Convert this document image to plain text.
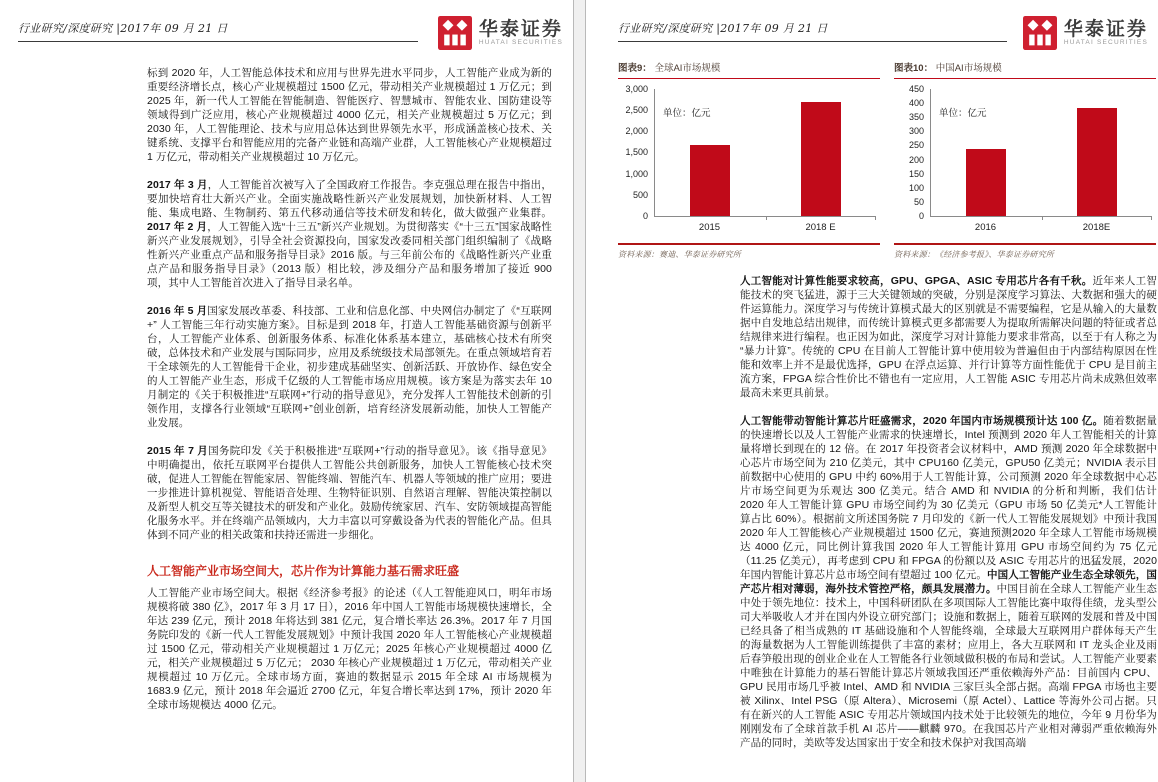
行业研究/深度研究 |2017年 09 月 21 日	华泰证券
HUATAI SECURITIES

标到 2020 年，人工智能总体技术和应用与世界先进水平同步，人工智能产业成为新的重要经济增长点，核心产业规模超过 1500 亿元，带动相关产业规模超过 1 万亿元；到 2025 年，新一代人工智能在智能制造、智能医疗、智慧城市、智能农业、国防建设等领域得到广泛应用，核心产业规模超过 4000 亿元，相关产业规模超过 5 万亿元；到 2030 年，人工智能理论、技术与应用总体达到世界领先水平，形成涵盖核心技术、关键系统、支撑平台和智能应用的完备产业链和高端产业群，人工智能核心产业规模超过 1 万亿元，带动相关产业规模超过 10 万亿元。

2017 年 3 月，人工智能首次被写入了全国政府工作报告。李克强总理在报告中指出，要加快培育壮大新兴产业。全面实施战略性新兴产业发展规划，加快新材料、人工智能、集成电路、生物制药、第五代移动通信等技术研发和转化，做大做强产业集群。2017 年 2 月，人工智能入选“十三五”新兴产业规划。为贯彻落实《“十三五”国家战略性新兴产业发展规划》，引导全社会资源投向，国家发改委同相关部门组织编制了《战略性新兴产业重点产品和服务指导目录》2016 版。与三年前公布的《战略性新兴产业重点产品和服务指导目录》（2013 版）相比较，涉及细分产品和服务增加了接近 900 项，其中人工智能首次进入了指导目录名单。

2016 年 5 月国家发展改革委、科技部、工业和信息化部、中央网信办制定了《“互联网+” 人工智能三年行动实施方案》。目标是到 2018 年，打造人工智能基础资源与创新平台，人工智能产业体系、创新服务体系、标准化体系基本建立，基础核心技术有所突破，总体技术和产业发展与国际同步，应用及系统级技术局部领先。在重点领域培育若干全球领先的人工智能骨干企业，初步建成基础坚实、创新活跃、开放协作、绿色安全的人工智能产业生态，形成千亿级的人工智能市场应用规模。该方案是为落实去年 10 月制定的《关于积极推进“互联网+”行动的指导意见》，充分发挥人工智能技术创新的引领作用，支撑各行业领域“互联网+”创业创新，培育经济发展新动能，加快人工智能产业发展。

2015 年 7 月国务院印发《关于积极推进“互联网+”行动的指导意见》。该《指导意见》中明确提出，依托互联网平台提供人工智能公共创新服务，加快人工智能核心技术突破，促进人工智能在智能家居、智能终端、智能汽车、机器人等领域的推广应用；要进一步推进计算机视觉、智能语音处理、生物特征识别、自然语言理解、智能决策控制以及新型人机交互等关键技术的研发和产业化。鼓励传统家居、汽车、安防领域提高智能化服务水平。并在终端产品领域内，大力丰富以可穿戴设备为代表的智能化产品。但具体到不同产业的相关政策和扶持还需进一步细化。

人工智能产业市场空间大，芯片作为计算能力基石需求旺盛

人工智能产业市场空间大。根据《经济参考报》的论述（《人工智能迎风口，明年市场规模将破 380 亿》，2017 年 3 月 17 日），2016 年中国人工智能市场规模快速增长，全年达 239 亿元，预计 2018 年将达到 381 亿元，复合增长率达 26.3%。2017 年 7 月国务院印发的《新一代人工智能发展规划》中预计我国 2020 年人工智能核心产业规模超过 1500 亿元，带动相关产业规模超过 1 万亿元；2025 年核心产业规模超过 4000 亿元，相关产业规模超过 5 万亿元； 2030 年核心产业规模超过 1 万亿元，带动相关产业规模超过 10 万亿元。全球市场方面，赛迪的数据显示 2015 年全球 AI 市场规模为 1683.9 亿元，预计 2018 年会逼近 2700 亿元，年复合增长率达到 17%，预计 2020 年全球市场规模达 4000 亿元。

行业研究/深度研究 |2017年 09 月 21 日	华泰证券
HUATAI SECURITIES
图表9： 全球AI市场规模
3,000
2,500
2,000
1,500
1,000
500
0
单位：亿元
2015	2018 E
资料来源：赛迪、华泰证券研究所
图表10： 中国AI市场规模
450
400
350
300
250
200
150
100
50
0
单位：亿元
2016	2018E
资料来源：《经济参考报》、华泰证券研究所

人工智能对计算性能要求较高，GPU、GPGA、ASIC 专用芯片各有千秋。近年来人工智能技术的突飞猛进，源于三大关键领域的突破，分别是深度学习算法、大数据和强大的硬件运算能力。深度学习与传统计算模式最大的区别就是不需要编程，它是从输入的大量数据中自发地总结出规律，而传统计算模式更多都需要人为提取所需解决问题的特征或者总结规律来进行编程。也正因为如此，深度学习对计算能力要求非常高，以至于有人称之为 “暴力计算”。传统的 CPU 在目前人工智能计算中使用较为普遍但由于内部结构原因在性能和效率上并不是最优选择，GPU 在浮点运算、并行计算等方面性能优于 CPU 是目前主流方案，FPGA 综合性价比不错也有一定应用，人工智能 ASIC 专用芯片尚未成熟但效率最高未来更具前景。

人工智能带动智能计算芯片旺盛需求，2020 年国内市场规模预计达 100 亿。随着数据量的快速增长以及人工智能产业需求的快速增长，Intel 预测到 2020 年人工智能相关的计算量将增长到现在的 12 倍。在 2017 年投资者会议材料中，AMD 预测 2020 年全球数据中心芯片市场空间为 210 亿美元，其中 CPU160 亿美元，GPU50 亿美元；NVIDIA 表示目前数据中心使用的 GPU 中约 60%用于人工智能计算，公司预测 2020 年全球数据中心芯片市场空间更为乐观达 300 亿美元。结合 AMD 和 NVIDIA 的分析和判断，我们估计 2020 年人工智能计算 GPU 市场空间约为 30 亿美元（GPU 市场 50 亿美元*人工智能计算占比 60%）。根据前文所述国务院 7 月印发的《新一代人工智能发展规划》中预计我国 2020 年人工智能核心产业规模超过 1500 亿元，赛迪预测2020 年全球人工智能市场规模达 4000 亿元，同比例计算我国 2020 年人工智能计算用 GPU 市场空间约为 75 亿元（11.25 亿美元），再考虑到 CPU 和 FPGA 的份额以及 ASIC 专用芯片的迅猛发展，2020 年国内智能计算芯片总市场空间有望超过 100 亿元。中国人工智能产业生态全球领先，国产芯片相对薄弱，海外技术管控严格，颇具发展潜力。中国目前在全球人工智能产业生态中处于领先地位：技术上，中国科研团队在多项国际人工智能比赛中取得佳绩，龙头型公司大举吸收人才并在国内外设立研究部门；设施和数据上，随着互联网的发展和普及中国已经具备了相当成熟的 IT 基础设施和个人智能终端，全球最大互联网用户群体每天产生的海量数据为人工智能训练提供了丰富的素材；应用上，各大互联网和 IT 龙头企业及雨后春笋般出现的创业企业在人工智能各行业领域做积极的布局和尝试。人工智能产业要素中唯独在计算能力的基石智能计算芯片领域我国还严重依赖海外产品：目前国内 CPU、GPU 民用市场几乎被 Intel、AMD 和 NVIDIA 三家巨头全部占据。高端 FPGA 市场也主要被 Xilinx、Intel PSG（原 Altera）、Microsemi（原 Actel）、Lattice 等海外公司占据。只有在新兴的人工智能 ASIC 专用芯片领域国内技术处于比较领先的地位，今年 9 月份华为刚刚发布了全球首款手机 AI 芯片——麒麟 970。在我国芯片产业相对薄弱严重依赖海外产品的同时，美欧等发达国家出于安全和技术保护对我国高端
